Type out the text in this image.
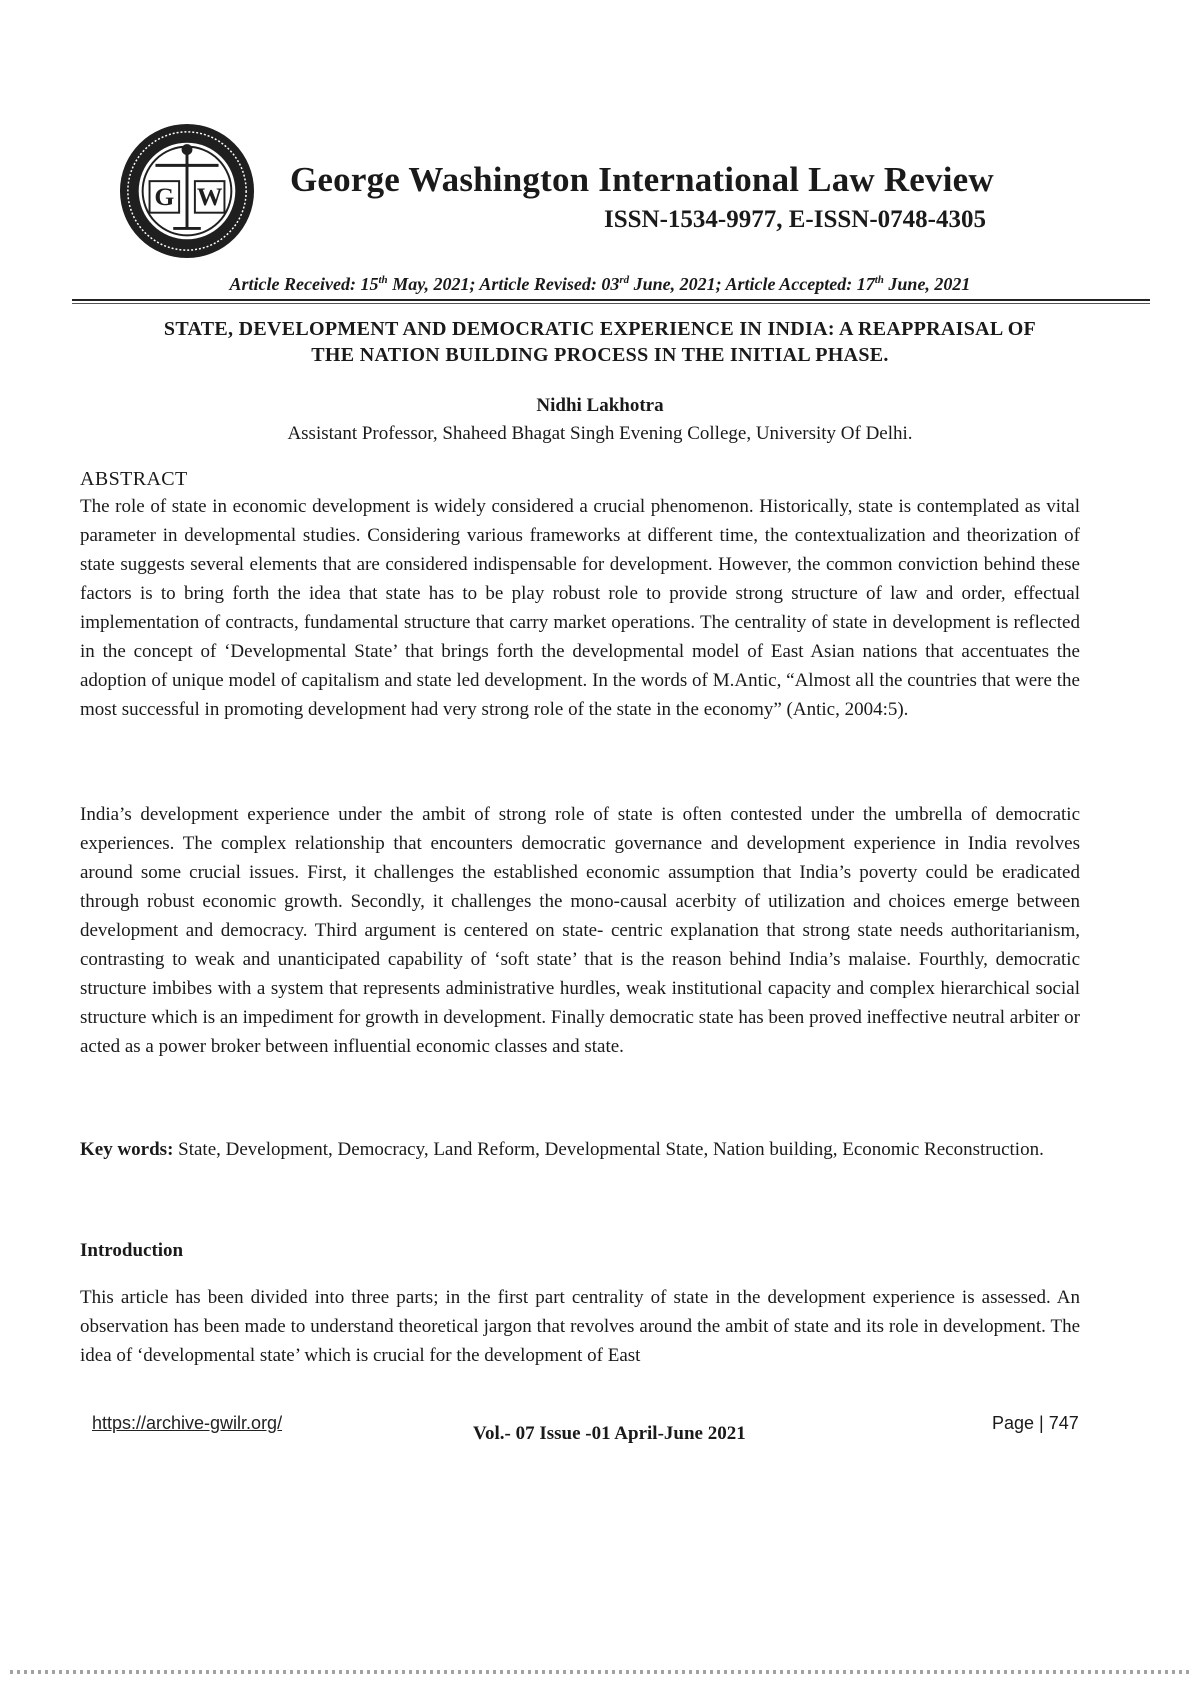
G W George Washington International Law Review
ISSN-1534-9977, E-ISSN-0748-4305
Article Received: 15th May, 2021; Article Revised: 03rd June, 2021; Article Accepted: 17th June, 2021
STATE, DEVELOPMENT AND DEMOCRATIC EXPERIENCE IN INDIA: A REAPPRAISAL OF
THE NATION BUILDING PROCESS IN THE INITIAL PHASE.
Nidhi Lakhotra
Assistant Professor, Shaheed Bhagat Singh Evening College, University Of Delhi.
ABSTRACT
The role of state in economic development is widely considered a crucial phenomenon. Historically, state is contemplated as vital parameter in developmental studies. Considering various frameworks at different time, the contextualization and theorization of state suggests several elements that are considered indispensable for development. However, the common conviction behind these factors is to bring forth the idea that state has to be play robust role to provide strong structure of law and order, effectual implementation of contracts, fundamental structure that carry market operations. The centrality of state in development is reflected in the concept of ‘Developmental State’ that brings forth the developmental model of East Asian nations that accentuates the adoption of unique model of capitalism and state led development. In the words of M.Antic, “Almost all the countries that were the most successful in promoting development had very strong role of the state in the economy” (Antic, 2004:5).
India’s development experience under the ambit of strong role of state is often contested under the umbrella of democratic experiences. The complex relationship that encounters democratic governance and development experience in India revolves around some crucial issues. First, it challenges the established economic assumption that India’s poverty could be eradicated through robust economic growth. Secondly, it challenges the mono-causal acerbity of utilization and choices emerge between development and democracy. Third argument is centered on state- centric explanation that strong state needs authoritarianism, contrasting to weak and unanticipated capability of ‘soft state’ that is the reason behind India’s malaise. Fourthly, democratic structure imbibes with a system that represents administrative hurdles, weak institutional capacity and complex hierarchical social structure which is an impediment for growth in development. Finally democratic state has been proved ineffective neutral arbiter or acted as a power broker between influential economic classes and state.
Key words: State, Development, Democracy, Land Reform, Developmental State, Nation building, Economic Reconstruction.
Introduction
This article has been divided into three parts; in the first part centrality of state in the development experience is assessed. An observation has been made to understand theoretical jargon that revolves around the ambit of state and its role in development. The idea of ‘developmental state’ which is crucial for the development of East
https://archive-gwilr.org/	Vol.- 07 Issue -01 April-June 2021	Page | 747
